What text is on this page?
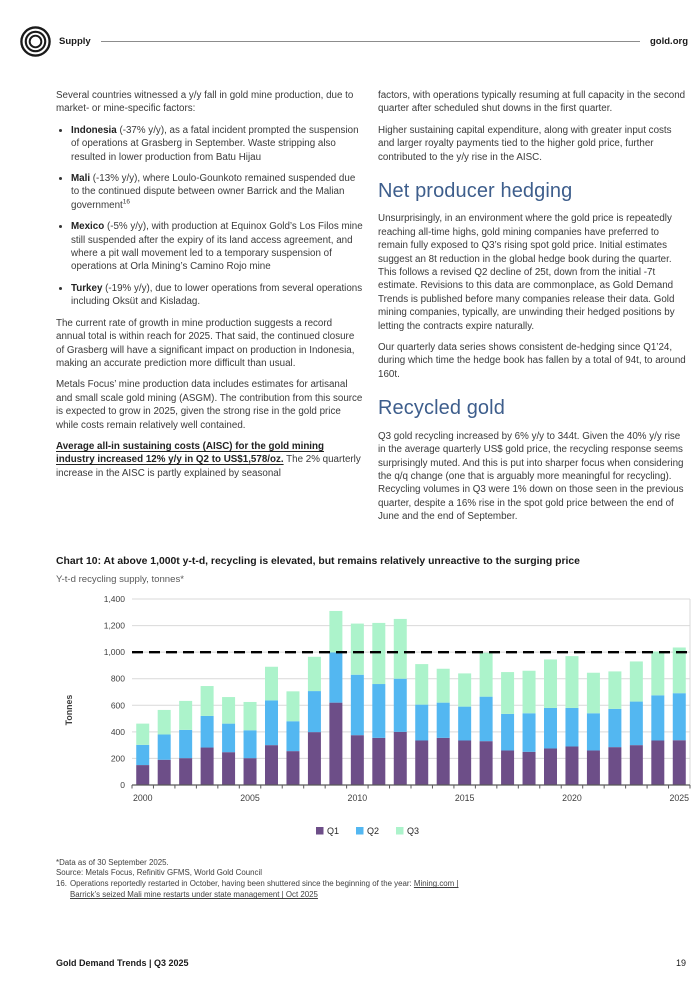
Supply	gold.org

Several countries witnessed a y/y fall in gold mine production, due to market- or mine-specific factors:

• Indonesia (-37% y/y), as a fatal incident prompted the suspension of operations at Grasberg in September. Waste stripping also resulted in lower production from Batu Hijau
• Mali (-13% y/y), where Loulo-Gounkoto remained suspended due to the continued dispute between owner Barrick and the Malian government$^{16}$
• Mexico (-5% y/y), with production at Equinox Gold’s Los Filos mine still suspended after the expiry of its land access agreement, and where a pit wall movement led to a temporary suspension of operations at Orla Mining’s Camino Rojo mine
• Turkey (-19% y/y), due to lower operations from several operations including Oksüt and Kisladag.

The current rate of growth in mine production suggests a record annual total is within reach for 2025. That said, the continued closure of Grasberg will have a significant impact on production in Indonesia, making an accurate prediction more difficult than usual.

Metals Focus’ mine production data includes estimates for artisanal and small scale gold mining (ASGM). The contribution from this source is expected to grow in 2025, given the strong rise in the gold price while costs remain relatively well contained.

Average all-in sustaining costs (AISC) for the gold mining industry increased 12% y/y in Q2 to US$1,578/oz. The 2% quarterly increase in the AISC is partly explained by seasonal

factors, with operations typically resuming at full capacity in the second quarter after scheduled shut downs in the first quarter.

Higher sustaining capital expenditure, along with greater input costs and larger royalty payments tied to the higher gold price, further contributed to the y/y rise in the AISC.

Net producer hedging

Unsurprisingly, in an environment where the gold price is repeatedly reaching all-time highs, gold mining companies have preferred to remain fully exposed to Q3’s rising spot gold price. Initial estimates suggest an 8t reduction in the global hedge book during the quarter. This follows a revised Q2 decline of 25t, down from the initial -7t estimate. Revisions to this data are commonplace, as Gold Demand Trends is published before many companies release their data. Gold mining companies, typically, are unwinding their hedged positions by letting the contracts expire naturally.

Our quarterly data series shows consistent de-hedging since Q1’24, during which time the hedge book has fallen by a total of 94t, to around 160t.

Recycled gold

Q3 gold recycling increased by 6% y/y to 344t. Given the 40% y/y rise in the average quarterly US$ gold price, the recycling response seems surprisingly muted. And this is put into sharper focus when considering the q/q change (one that is arguably more meaningful for recycling). Recycling volumes in Q3 were 1% down on those seen in the previous quarter, despite a 16% rise in the spot gold price between the end of June and the end of September.

Chart 10: At above 1,000t y-t-d, recycling is elevated, but remains relatively unreactive to the surging price
Y-t-d recycling supply, tonnes*
0
200
400
600
800
1,000
1,200
1,400
2000	2005	2010	2015	2020	2025
Tonnes
Q1	Q2	Q3
*Data as of 30 September 2025.
Source: Metals Focus, Refinitiv GFMS, World Gold Council
16. Operations reportedly restarted in October, having been shuttered since the beginning of the year: Mining.com | Barrick’s seized Mali mine restarts under state management | Oct 2025
Gold Demand Trends | Q3 2025	19
